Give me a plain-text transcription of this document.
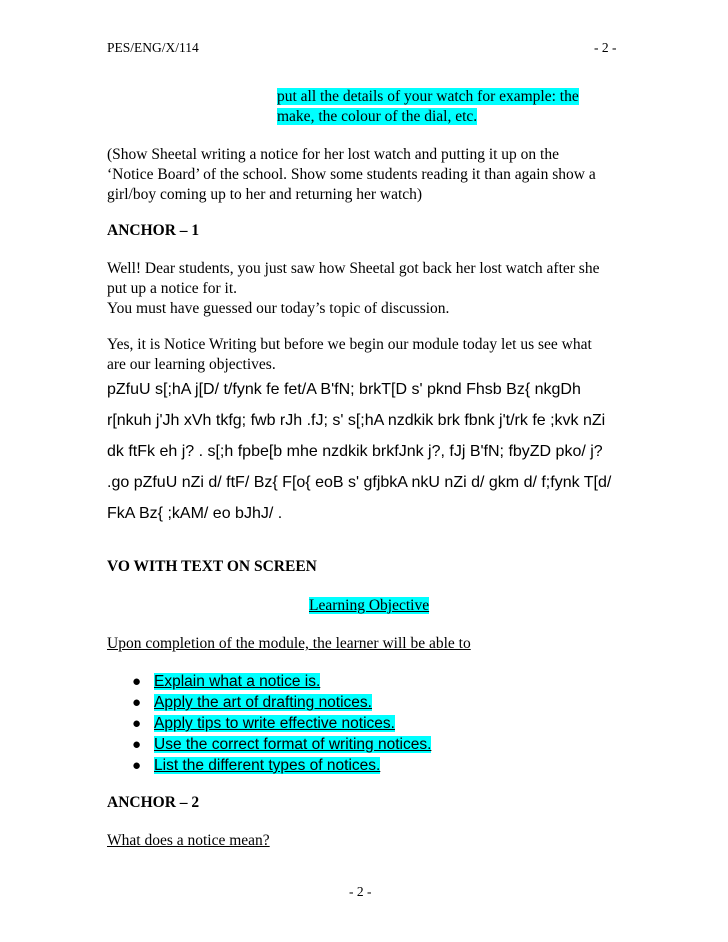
PES/ENG/X/114	- 2 -
put all the details of your watch for example: the
make, the colour of the dial, etc.
(Show Sheetal writing a notice for her lost watch and putting it up on the
‘Notice Board’ of the school. Show some students reading it than again show a
girl/boy coming up to her and returning her watch)
ANCHOR – 1
Well! Dear students, you just saw how Sheetal got back her lost watch after she
put up a notice for it.
You must have guessed our today’s topic of discussion.
Yes, it is Notice Writing but before we begin our module today let us see what
are our learning objectives.
pZfuU s[;hA j[D/ t/fynk fe fet/A B'fN; brkT[D s' pknd Fhsb Bz{ nkgDh
r[nkuh j'Jh xVh tkfg; fwb rJh .fJ; s' s[;hA nzdkik brk fbnk j't/rk fe ;kvk nZi
dk ftFk eh j? . s[;h fpbe[b mhe nzdkik brkfJnk j?, fJj B'fN; fbyZD pko/ j?
.go pZfuU nZi d/ ftF/ Bz{ F[o{ eoB s' gfjbkA nkU nZi d/ gkm d/ f;fynk T[d/
FkA Bz{ ;kAM/ eo bJhJ/ .
VO WITH TEXT ON SCREEN
Learning Objective
Upon completion of the module, the learner will be able to
● Explain what a notice is.
● Apply the art of drafting notices.
● Apply tips to write effective notices.
● Use the correct format of writing notices.
● List the different types of notices.
ANCHOR – 2
What does a notice mean?
- 2 -
